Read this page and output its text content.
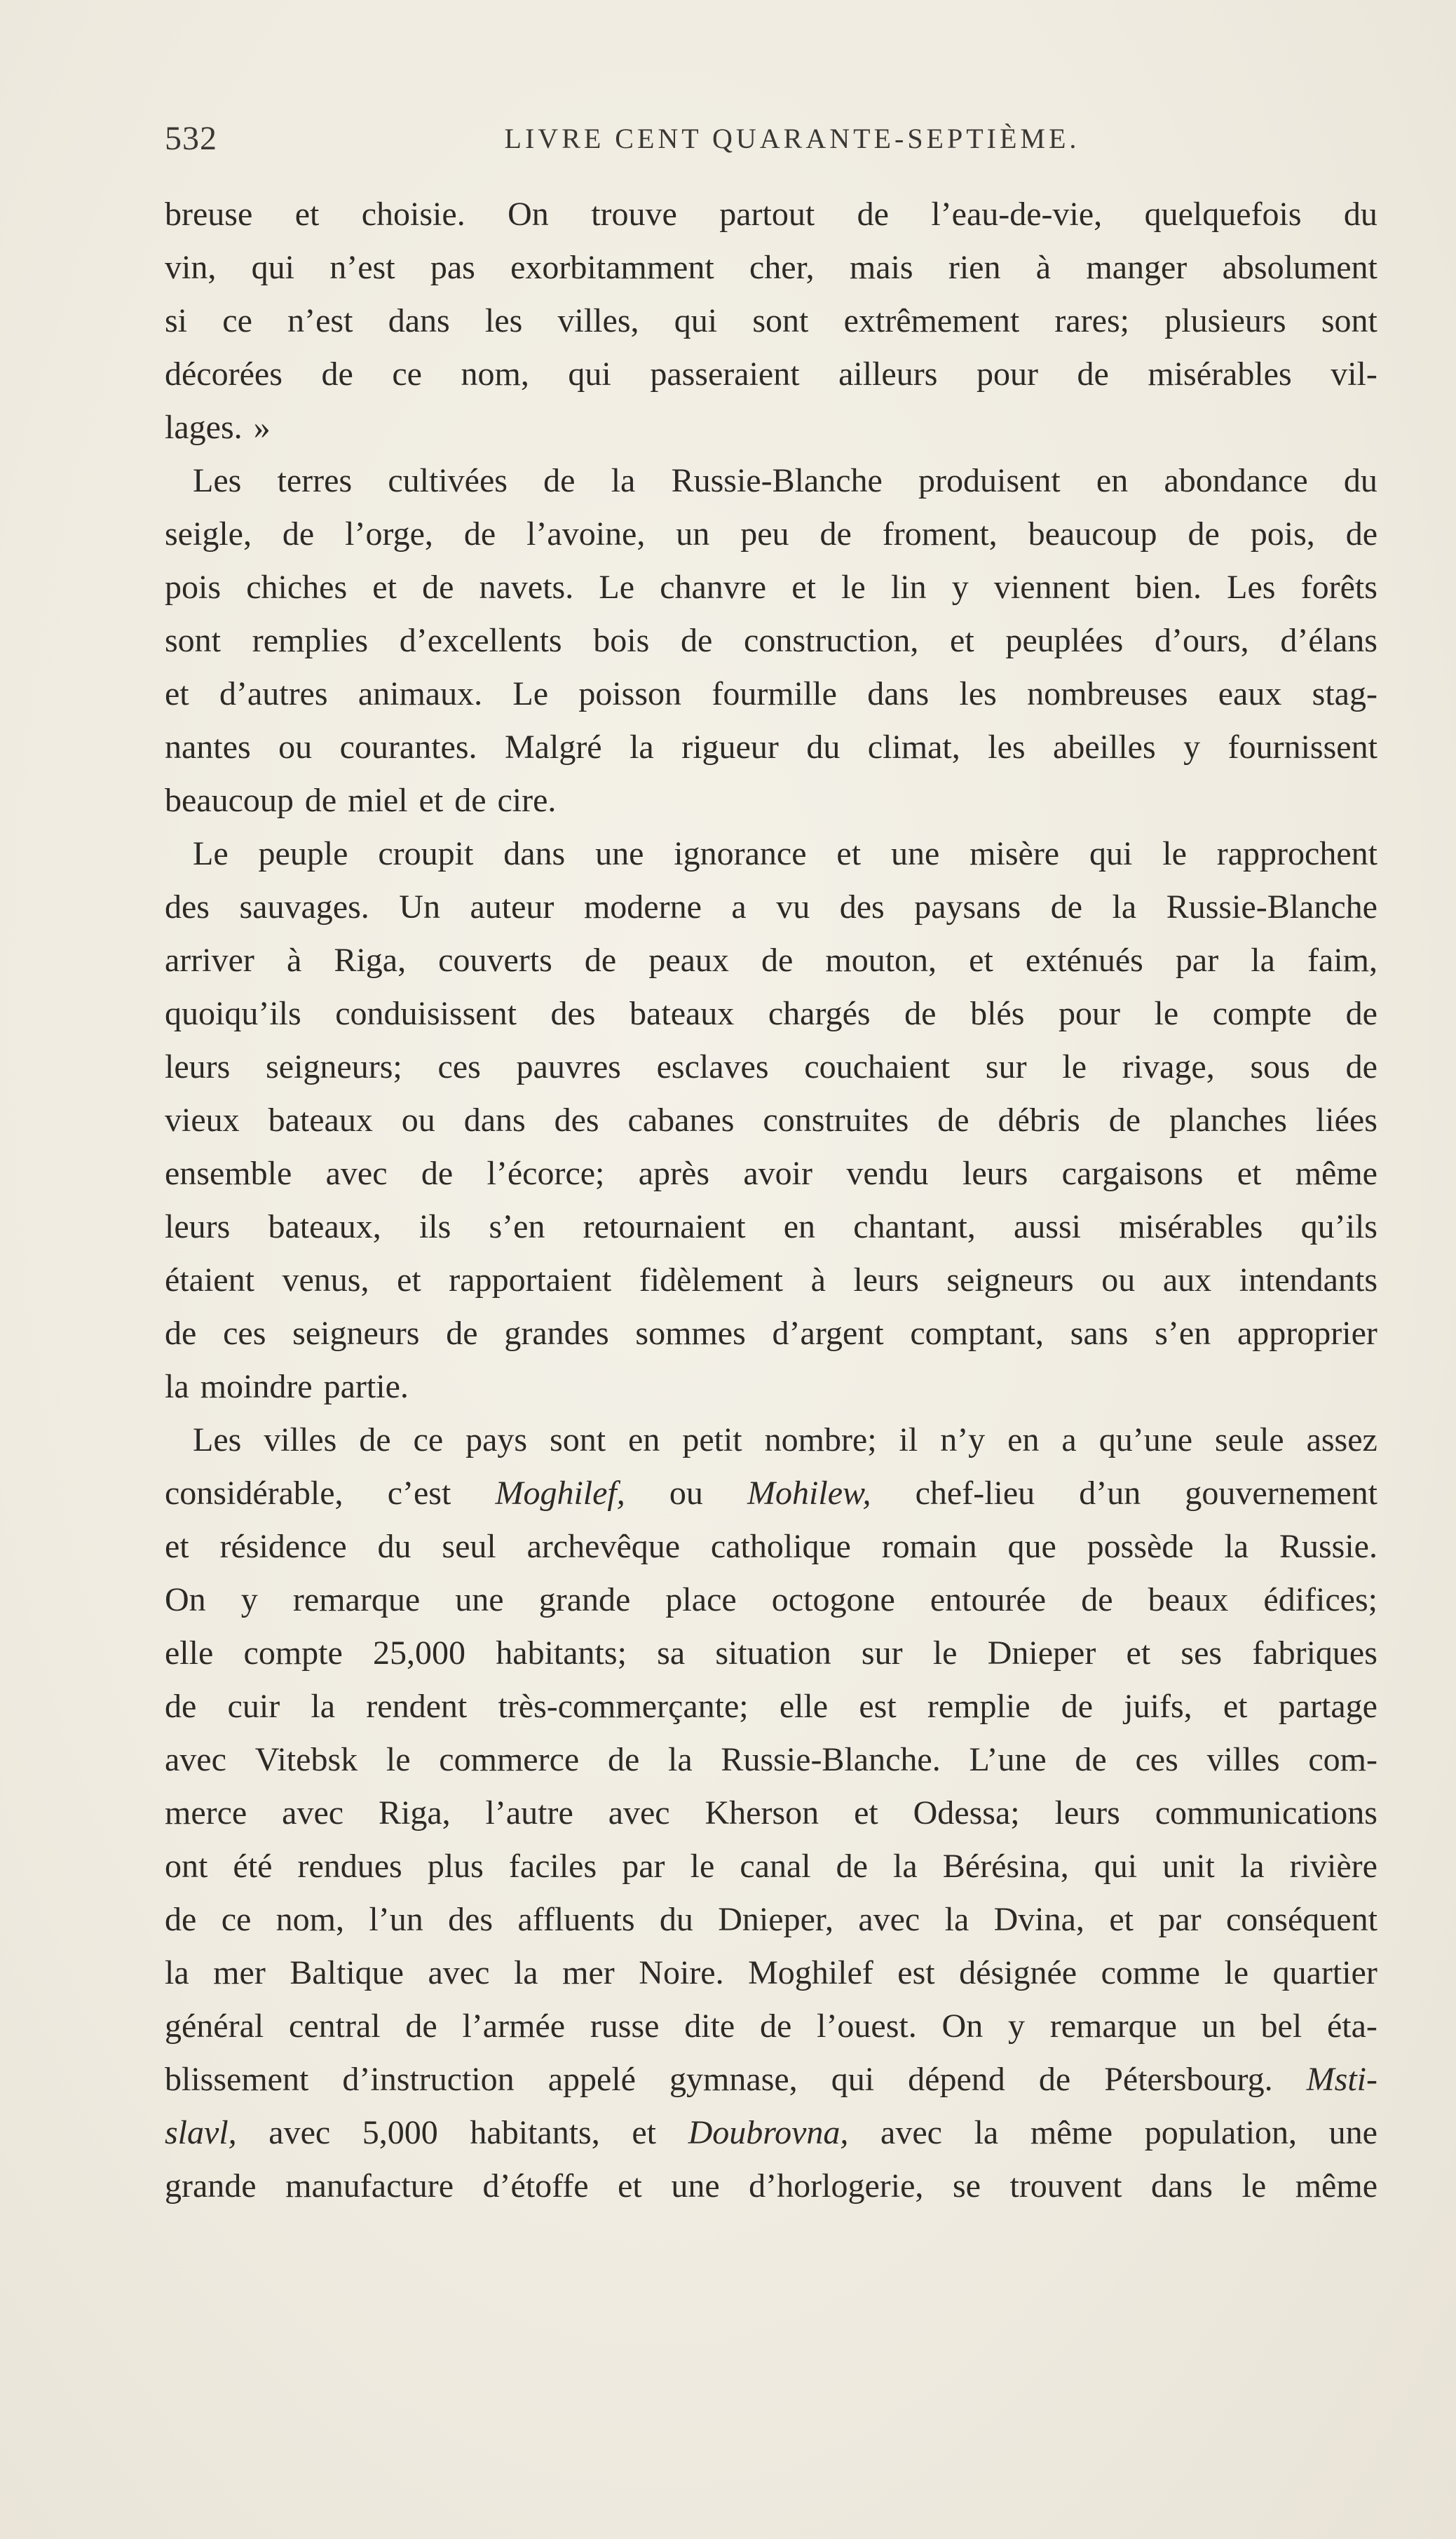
532	LIVRE CENT QUARANTE-SEPTIÈME.
breuse et choisie. On trouve partout de l’eau-de-vie, quelquefois du
vin, qui n’est pas exorbitamment cher, mais rien à manger absolument
si ce n’est dans les villes, qui sont extrêmement rares; plusieurs sont
décorées de ce nom, qui passeraient ailleurs pour de misérables vil-
lages. »
Les terres cultivées de la Russie-Blanche produisent en abondance du
seigle, de l’orge, de l’avoine, un peu de froment, beaucoup de pois, de
pois chiches et de navets. Le chanvre et le lin y viennent bien. Les forêts
sont remplies d’excellents bois de construction, et peuplées d’ours, d’élans
et d’autres animaux. Le poisson fourmille dans les nombreuses eaux stag-
nantes ou courantes. Malgré la rigueur du climat, les abeilles y fournissent
beaucoup de miel et de cire.
Le peuple croupit dans une ignorance et une misère qui le rapprochent
des sauvages. Un auteur moderne a vu des paysans de la Russie-Blanche
arriver à Riga, couverts de peaux de mouton, et exténués par la faim,
quoiqu’ils conduisissent des bateaux chargés de blés pour le compte de
leurs seigneurs; ces pauvres esclaves couchaient sur le rivage, sous de
vieux bateaux ou dans des cabanes construites de débris de planches liées
ensemble avec de l’écorce; après avoir vendu leurs cargaisons et même
leurs bateaux, ils s’en retournaient en chantant, aussi misérables qu’ils
étaient venus, et rapportaient fidèlement à leurs seigneurs ou aux intendants
de ces seigneurs de grandes sommes d’argent comptant, sans s’en approprier
la moindre partie.
Les villes de ce pays sont en petit nombre; il n’y en a qu’une seule assez
considérable, c’est Moghilef, ou Mohilew, chef-lieu d’un gouvernement
et résidence du seul archevêque catholique romain que possède la Russie.
On y remarque une grande place octogone entourée de beaux édifices;
elle compte 25,000 habitants; sa situation sur le Dnieper et ses fabriques
de cuir la rendent très-commerçante; elle est remplie de juifs, et partage
avec Vitebsk le commerce de la Russie-Blanche. L’une de ces villes com-
merce avec Riga, l’autre avec Kherson et Odessa; leurs communications
ont été rendues plus faciles par le canal de la Bérésina, qui unit la rivière
de ce nom, l’un des affluents du Dnieper, avec la Dvina, et par conséquent
la mer Baltique avec la mer Noire. Moghilef est désignée comme le quartier
général central de l’armée russe dite de l’ouest. On y remarque un bel éta-
blissement d’instruction appelé gymnase, qui dépend de Pétersbourg. Msti-
slavl, avec 5,000 habitants, et Doubrovna, avec la même population, une
grande manufacture d’étoffe et une d’horlogerie, se trouvent dans le même
